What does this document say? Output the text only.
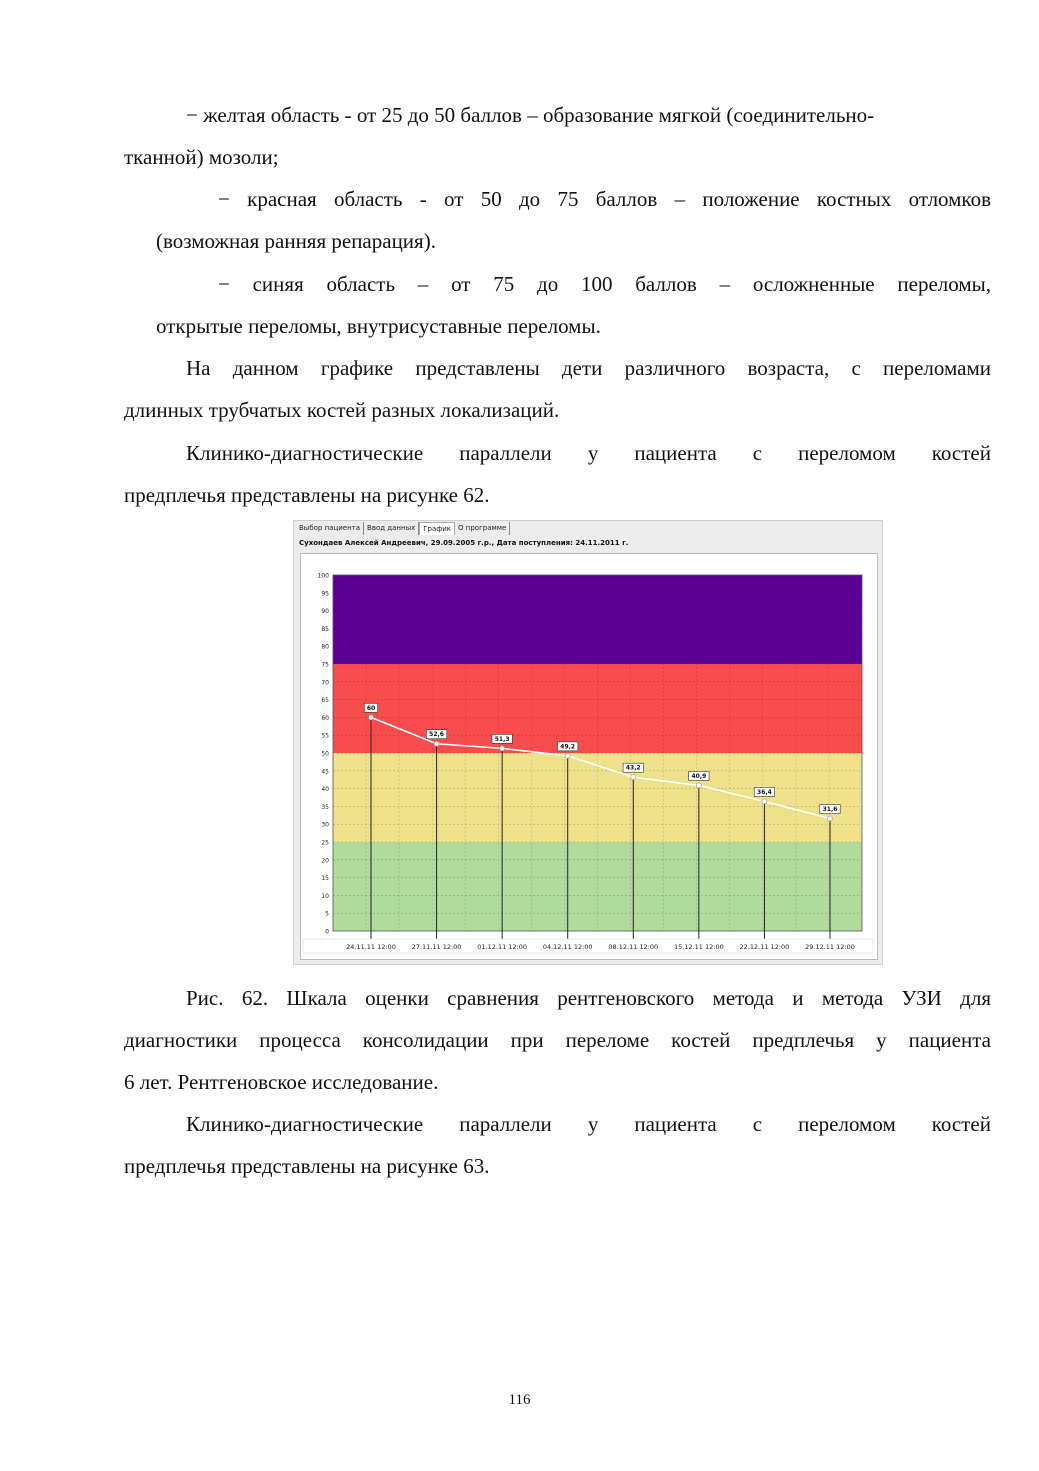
− желтая область - от 25 до 50 баллов – образование мягкой (соединительно-
тканной) мозоли;
− красная область - от 50 до 75 баллов – положение костных отломков
(возможная ранняя репарация).
− синяя область – от 75 до 100 баллов – осложненные переломы,
открытые переломы, внутрисуставные переломы.
На данном графике представлены дети различного возраста, с переломами
длинных трубчатых костей разных локализаций.
Клинико-диагностические параллели у пациента с переломом костей
предплечья представлены на рисунке 62.
Выбор пациента	Ввод данных	График	О программе
Сухондаев Алексей Андреевич, 29.09.2005 г.р., Дата поступления: 24.11.2011 г.
0
5
10
15
20
25
30
35
40
45
50
55
60
65
70
75
80
85
90
95
100
60
52,6
51,3
49,2
43,2
40,9
36,4
31,6
24.11.11 12:00 27.11.11 12:00 01.12.11 12:00 04.12.11 12:00 08.12.11 12:00 15.12.11 12:00 22.12.11 12:00 29.12.11 12:00
Рис. 62. Шкала оценки сравнения рентгеновского метода и метода УЗИ для
диагностики процесса консолидации при переломе костей предплечья у пациента
6 лет. Рентгеновское исследование.
Клинико-диагностические параллели у пациента с переломом костей
предплечья представлены на рисунке 63.
116
